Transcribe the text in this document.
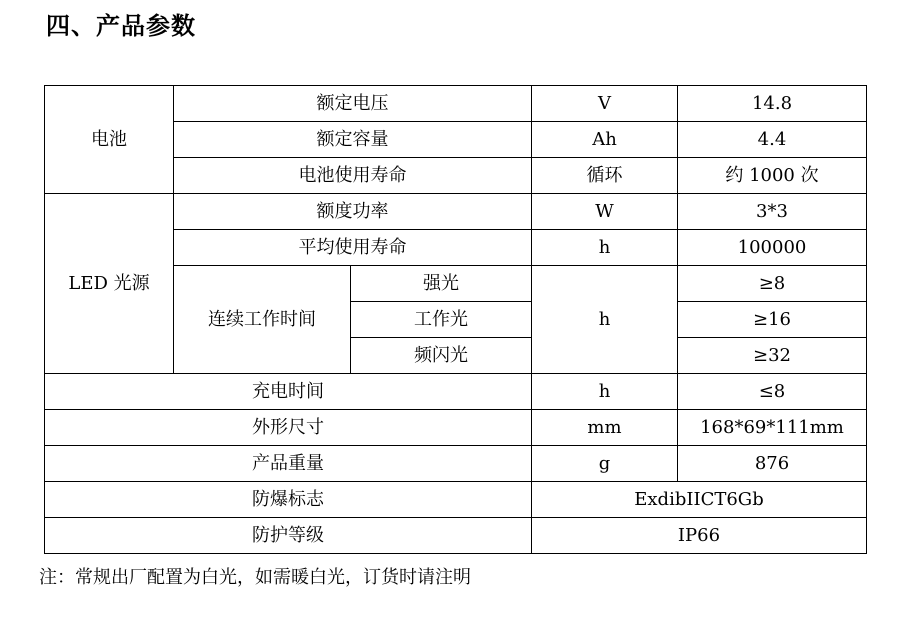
四、产品参数
电池	额定电压		V	14.8
	额定容量		Ah	4.4
	电池使用寿命		循环	约 1000 次
LED 光源	额度功率		W	3*3
	平均使用寿命		h	100000
	连续工作时间	强光	h	≥8
		工作光		≥16
		频闪光		≥32
充电时间			h	≤8
外形尺寸			mm	168*69*111mm
产品重量			g	876
防爆标志			ExdibIICT6Gb	
防护等级			IP66	
注：常规出厂配置为白光，如需暖白光，订货时请注明
